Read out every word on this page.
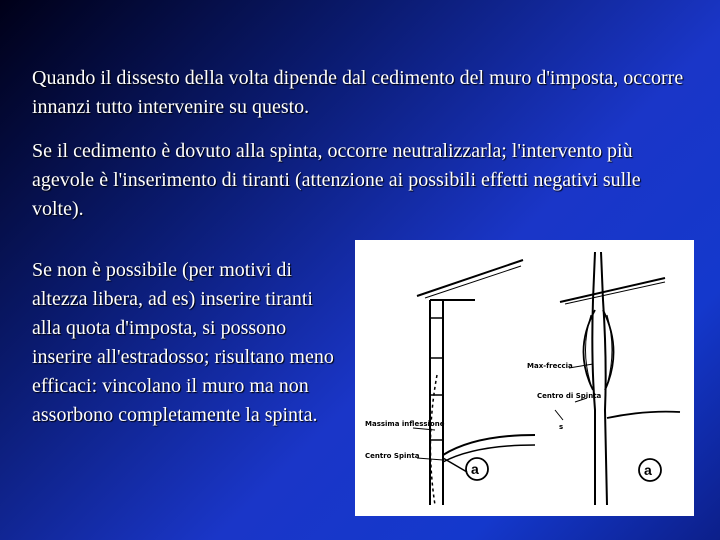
Quando il dissesto della volta dipende dal cedimento del muro d'imposta, occorre innanzi tutto intervenire su questo.

Se il cedimento è dovuto alla spinta, occorre neutralizzarla; l'intervento più agevole è l'inserimento di tiranti (attenzione ai possibili effetti negativi sulle volte).

Se non è possibile (per motivi di altezza libera, ad es) inserire tiranti alla quota d'imposta, si possono inserire all'estradosso; risultano meno efficaci: vincolano il muro ma non assorbono completamente la spinta.	Massima inflessione
Centro Spinta
Max-freccia
Centro di Spinta
s
a	a
